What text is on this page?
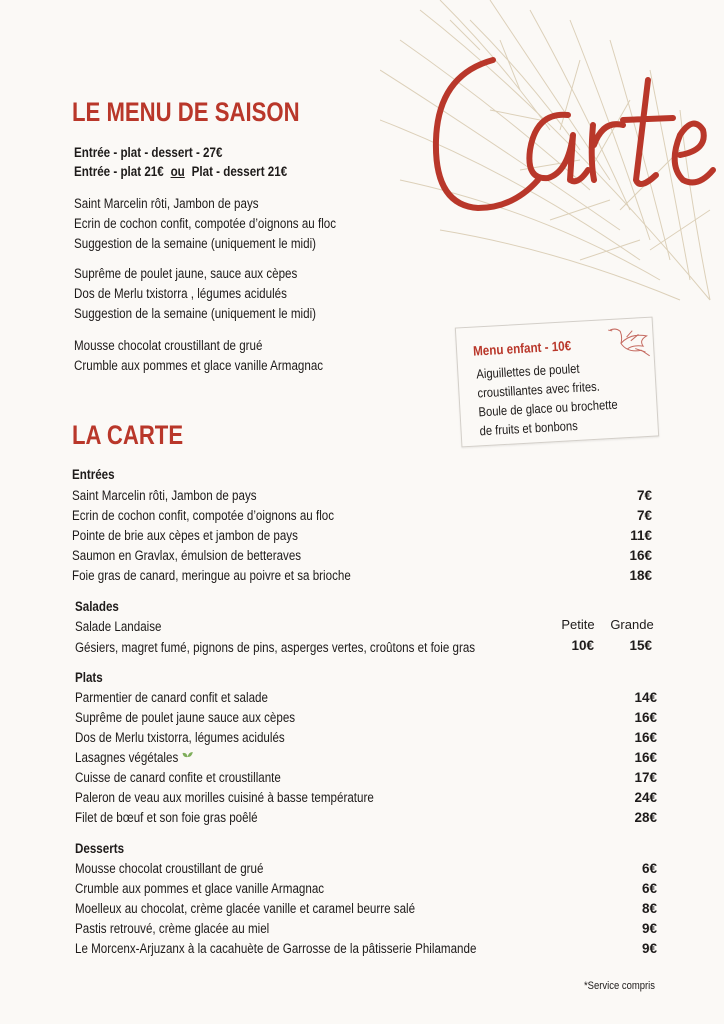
LE MENU DE SAISON
Entrée - plat - dessert - 27€
Entrée - plat 21€ ou Plat - dessert 21€
Saint Marcelin rôti, Jambon de pays
Ecrin de cochon confit, compotée d’oignons au floc
Suggestion de la semaine (uniquement le midi)
Suprême de poulet jaune, sauce aux cèpes
Dos de Merlu txistorra , légumes acidulés
Suggestion de la semaine (uniquement le midi)
Mousse chocolat croustillant de grué
Crumble aux pommes et glace vanille Armagnac
Menu enfant - 10€
Aiguillettes de poulet
croustillantes avec frites.
Boule de glace ou brochette
de fruits et bonbons
LA CARTE
Entrées
Saint Marcelin rôti, Jambon de pays	7€
Ecrin de cochon confit, compotée d’oignons au floc	7€
Pointe de brie aux cèpes et jambon de pays	11€
Saumon en Gravlax, émulsion de betteraves	16€
Foie gras de canard, meringue au poivre et sa brioche	18€
Salades
Salade Landaise	Petite	Grande
Gésiers, magret fumé, pignons de pins, asperges vertes, croûtons et foie gras	10€	15€
Plats
Parmentier de canard confit et salade	14€
Suprême de poulet jaune sauce aux cèpes	16€
Dos de Merlu txistorra, légumes acidulés	16€
Lasagnes végétales	16€
Cuisse de canard confite et croustillante	17€
Paleron de veau aux morilles cuisiné à basse température	24€
Filet de bœuf et son foie gras poêlé	28€
Desserts
Mousse chocolat croustillant de grué	6€
Crumble aux pommes et glace vanille Armagnac	6€
Moelleux au chocolat, crème glacée vanille et caramel beurre salé	8€
Pastis retrouvé, crème glacée au miel	9€
Le Morcenx-Arjuzanx à la cacahuète de Garrosse de la pâtisserie Philamande	9€
*Service compris
